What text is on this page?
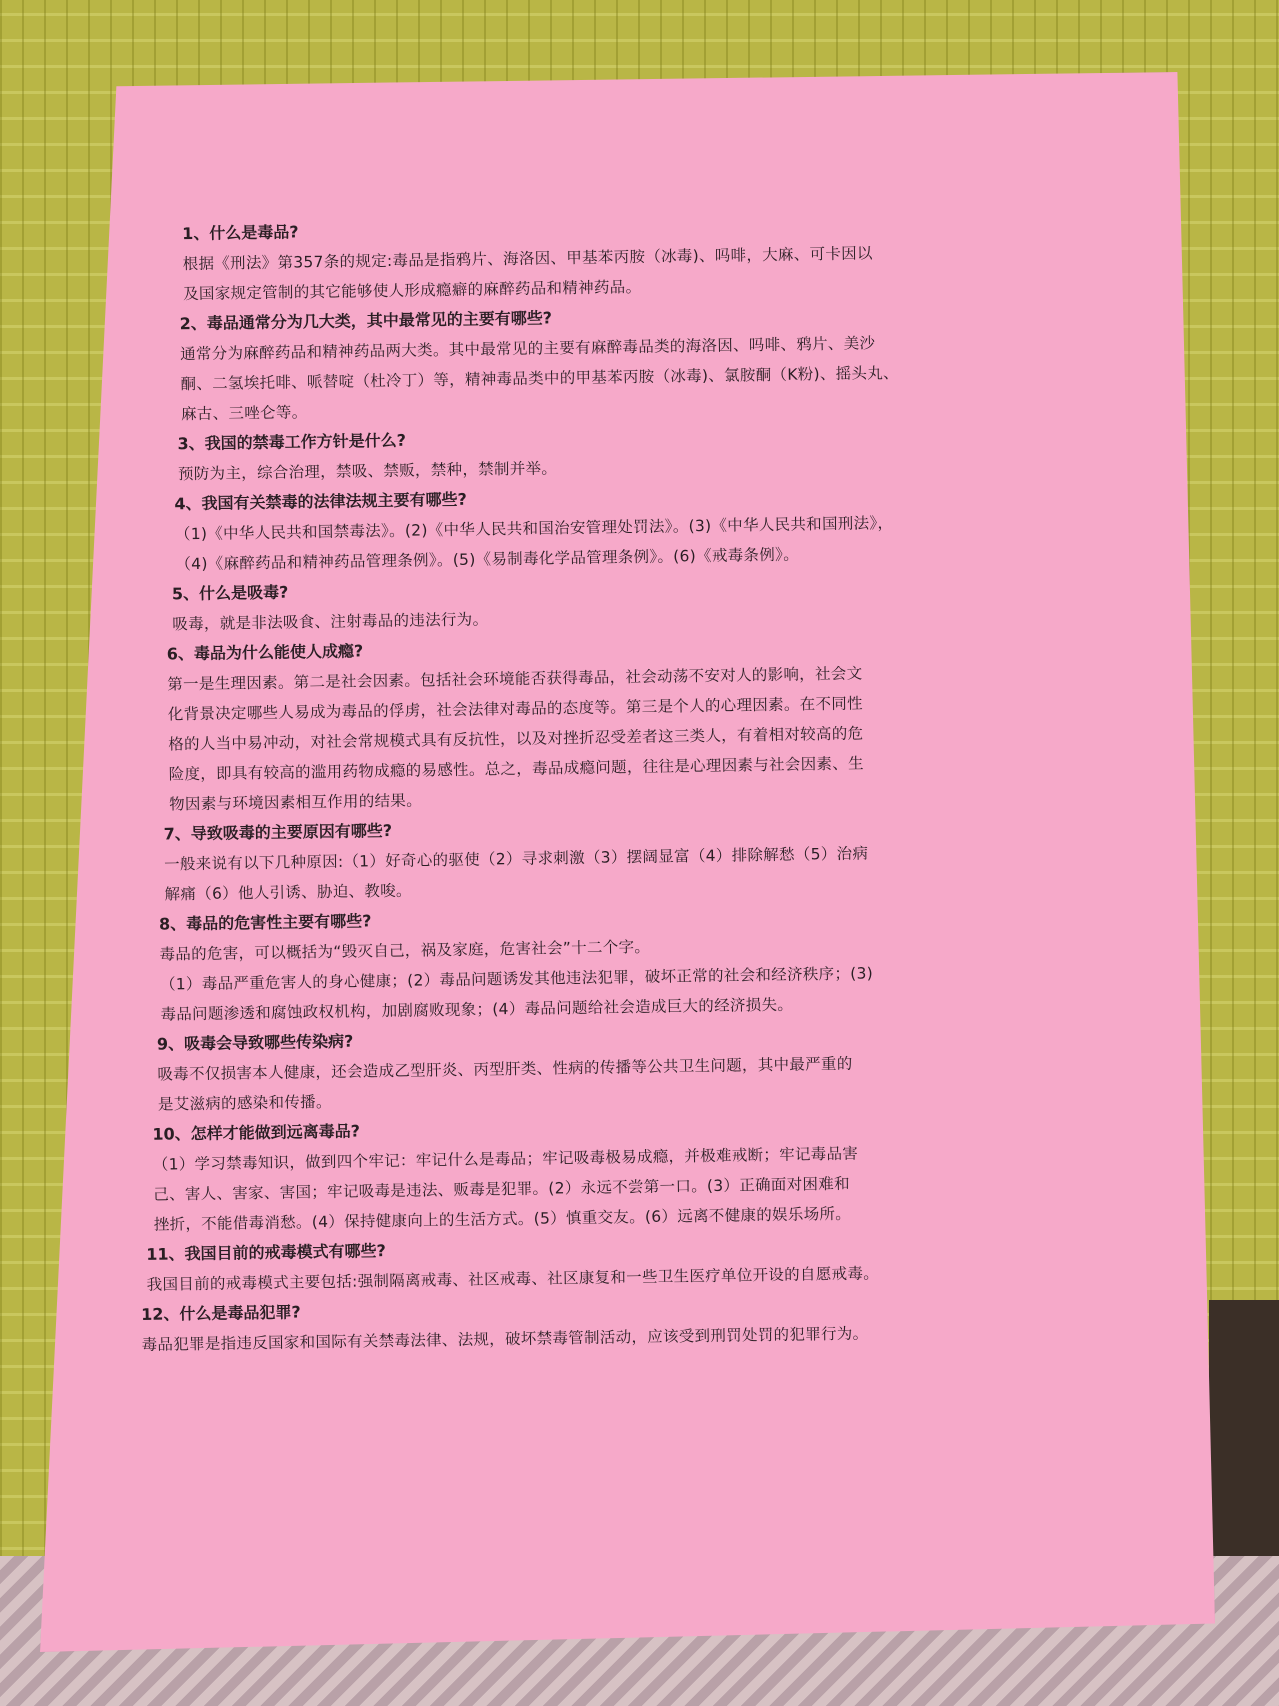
1、什么是毒品?

根据《刑法》第357条的规定:毒品是指鸦片、海洛因、甲基苯丙胺（冰毒)、吗啡，大麻、可卡因以

及国家规定管制的其它能够使人形成瘾癖的麻醉药品和精神药品。

2、毒品通常分为几大类，其中最常见的主要有哪些?

通常分为麻醉药品和精神药品两大类。其中最常见的主要有麻醉毒品类的海洛因、吗啡、鸦片、美沙

酮、二氢埃托啡、哌替啶（杜冷丁）等，精神毒品类中的甲基苯丙胺（冰毒)、氯胺酮（K粉)、摇头丸、

麻古、三唑仑等。

3、我国的禁毒工作方针是什么?

预防为主，综合治理，禁吸、禁贩，禁种，禁制并举。

4、我国有关禁毒的法律法规主要有哪些?

（1)《中华人民共和国禁毒法》。(2)《中华人民共和国治安管理处罚法》。(3)《中华人民共和国刑法》，

（4)《麻醉药品和精神药品管理条例》。(5)《易制毒化学品管理条例》。(6)《戒毒条例》。

5、什么是吸毒?

吸毒，就是非法吸食、注射毒品的违法行为。

6、毒品为什么能使人成瘾?

第一是生理因素。第二是社会因素。包括社会环境能否获得毒品，社会动荡不安对人的影响，社会文

化背景决定哪些人易成为毒品的俘虏，社会法律对毒品的态度等。第三是个人的心理因素。在不同性

格的人当中易冲动，对社会常规模式具有反抗性，以及对挫折忍受差者这三类人，有着相对较高的危

险度，即具有较高的滥用药物成瘾的易感性。总之，毒品成瘾问题，往往是心理因素与社会因素、生

物因素与环境因素相互作用的结果。

7、导致吸毒的主要原因有哪些?

一般来说有以下几种原因:（1）好奇心的驱使（2）寻求刺激（3）摆阔显富（4）排除解愁（5）治病

解痛（6）他人引诱、胁迫、教唆。

8、毒品的危害性主要有哪些?

毒品的危害，可以概括为“毁灭自己，祸及家庭，危害社会”十二个字。

（1）毒品严重危害人的身心健康；(2）毒品问题诱发其他违法犯罪，破坏正常的社会和经济秩序；(3)

毒品问题渗透和腐蚀政权机构，加剧腐败现象；(4）毒品问题给社会造成巨大的经济损失。

9、吸毒会导致哪些传染病?

吸毒不仅损害本人健康，还会造成乙型肝炎、丙型肝类、性病的传播等公共卫生问题，其中最严重的

是艾滋病的感染和传播。

10、怎样才能做到远离毒品?

（1）学习禁毒知识，做到四个牢记：牢记什么是毒品；牢记吸毒极易成瘾，并极难戒断；牢记毒品害

己、害人、害家、害国；牢记吸毒是违法、贩毒是犯罪。(2）永远不尝第一口。(3）正确面对困难和

挫折，不能借毒消愁。(4）保持健康向上的生活方式。(5）慎重交友。(6）远离不健康的娱乐场所。

11、我国目前的戒毒模式有哪些?

我国目前的戒毒模式主要包括:强制隔离戒毒、社区戒毒、社区康复和一些卫生医疗单位开设的自愿戒毒。

12、什么是毒品犯罪?

毒品犯罪是指违反国家和国际有关禁毒法律、法规，破坏禁毒管制活动，应该受到刑罚处罚的犯罪行为。
